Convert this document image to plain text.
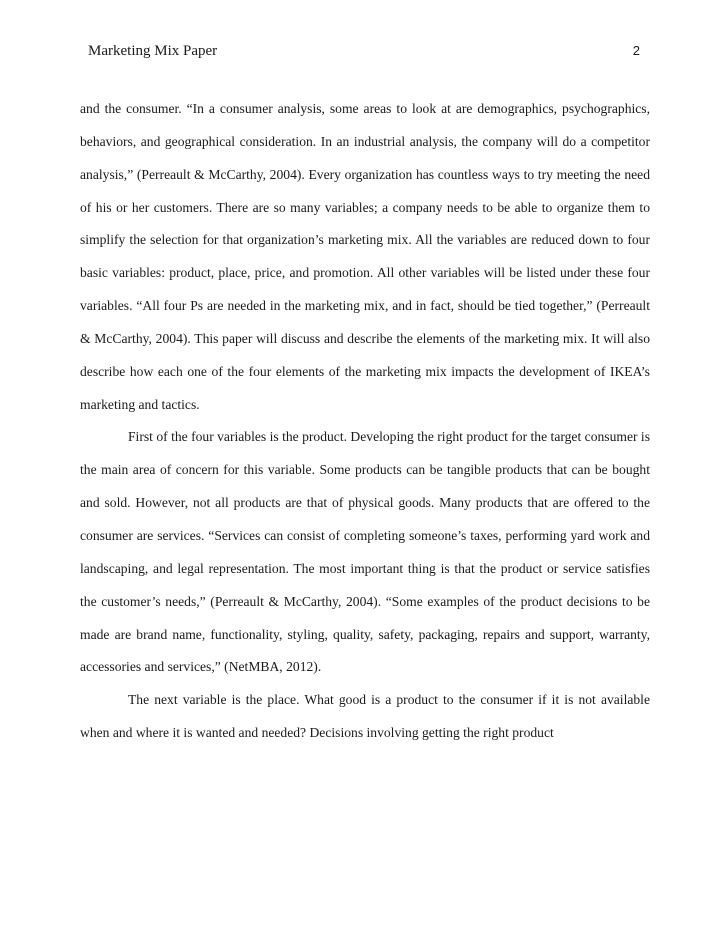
Marketing Mix Paper	2

and the consumer. “In a consumer analysis, some areas to look at are demographics, psychographics, behaviors, and geographical consideration. In an industrial analysis, the company will do a competitor analysis,” (Perreault & McCarthy, 2004). Every organization has countless ways to try meeting the need of his or her customers. There are so many variables; a company needs to be able to organize them to simplify the selection for that organization’s marketing mix. All the variables are reduced down to four basic variables: product, place, price, and promotion. All other variables will be listed under these four variables. “All four Ps are needed in the marketing mix, and in fact, should be tied together,” (Perreault & McCarthy, 2004). This paper will discuss and describe the elements of the marketing mix. It will also describe how each one of the four elements of the marketing mix impacts the development of IKEA’s marketing and tactics.

First of the four variables is the product. Developing the right product for the target consumer is the main area of concern for this variable. Some products can be tangible products that can be bought and sold. However, not all products are that of physical goods. Many products that are offered to the consumer are services. “Services can consist of completing someone’s taxes, performing yard work and landscaping, and legal representation. The most important thing is that the product or service satisfies the customer’s needs,” (Perreault & McCarthy, 2004). “Some examples of the product decisions to be made are brand name, functionality, styling, quality, safety, packaging, repairs and support, warranty, accessories and services,” (NetMBA, 2012).

The next variable is the place. What good is a product to the consumer if it is not available when and where it is wanted and needed? Decisions involving getting the right product
